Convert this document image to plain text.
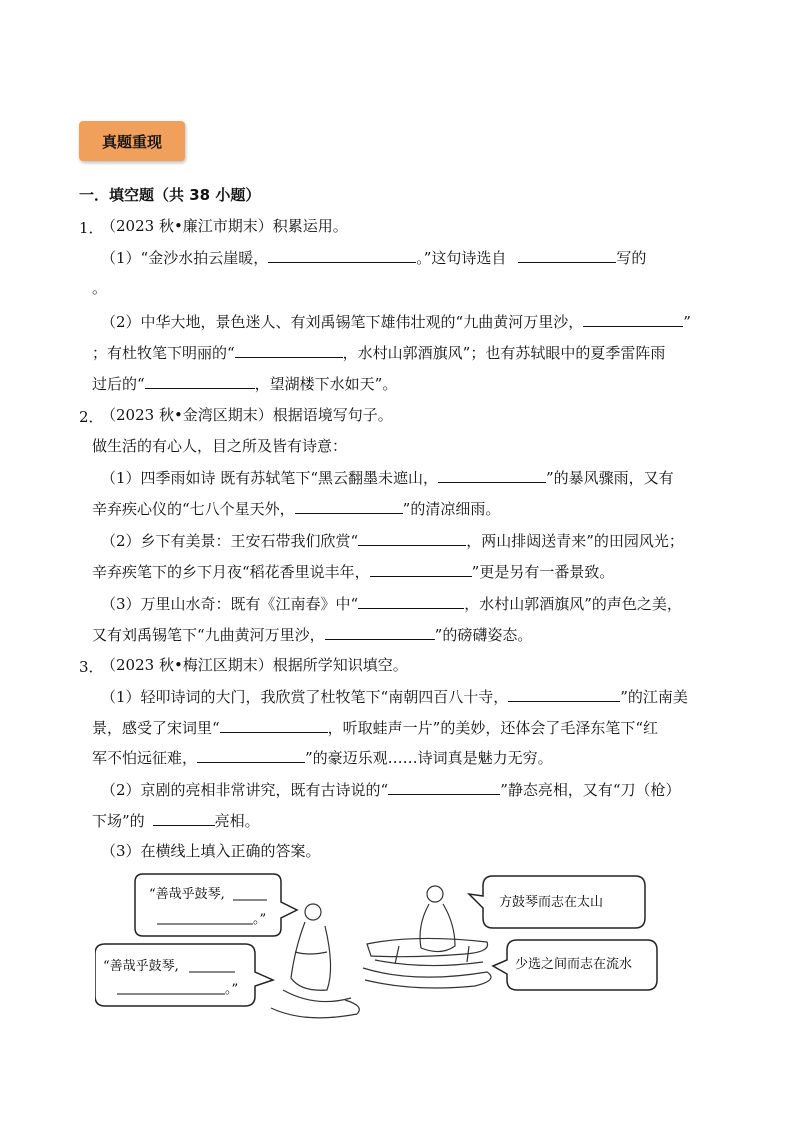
真题重现
一．填空题（共 38 小题）
1．
（2023 秋•廉江市期末）积累运用。
（1）“金沙水拍云崖暖，	。”这句诗选自	写的
。
（2）中华大地，景色迷人、有刘禹锡笔下雄伟壮观的“九曲黄河万里沙，	”
；有杜牧笔下明丽的“	，水村山郭酒旗风”；也有苏轼眼中的夏季雷阵雨
过后的“	，望湖楼下水如天”。
2．
（2023 秋•金湾区期末）根据语境写句子。
做生活的有心人，目之所及皆有诗意：
（1）四季雨如诗 既有苏轼笔下“黑云翻墨未遮山，	”的暴风骤雨，又有
辛弃疾心仪的“七八个星天外，	”的清凉细雨。
（2）乡下有美景：王安石带我们欣赏“	，两山排闼送青来”的田园风光；
辛弃疾笔下的乡下月夜“稻花香里说丰年，	”更是另有一番景致。
（3）万里山水奇：既有《江南春》中“	，水村山郭酒旗风”的声色之美，
又有刘禹锡笔下“九曲黄河万里沙，	”的磅礴姿态。
3．
（2023 秋•梅江区期末）根据所学知识填空。
（1）轻叩诗词的大门，我欣赏了杜牧笔下“南朝四百八十寺，	”的江南美
景，感受了宋词里“	，听取蛙声一片”的美妙，还体会了毛泽东笔下“红
军不怕远征难，	”的豪迈乐观……诗词真是魅力无穷。
（2）京剧的亮相非常讲究，既有古诗说的“	”静态亮相，又有“刀（枪）
下场”的	亮相。
（3）在横线上填入正确的答案。
“善哉乎鼓琴,
。”
“善哉乎鼓琴,
。”
方鼓琴而志在太山
少选之间而志在流水
